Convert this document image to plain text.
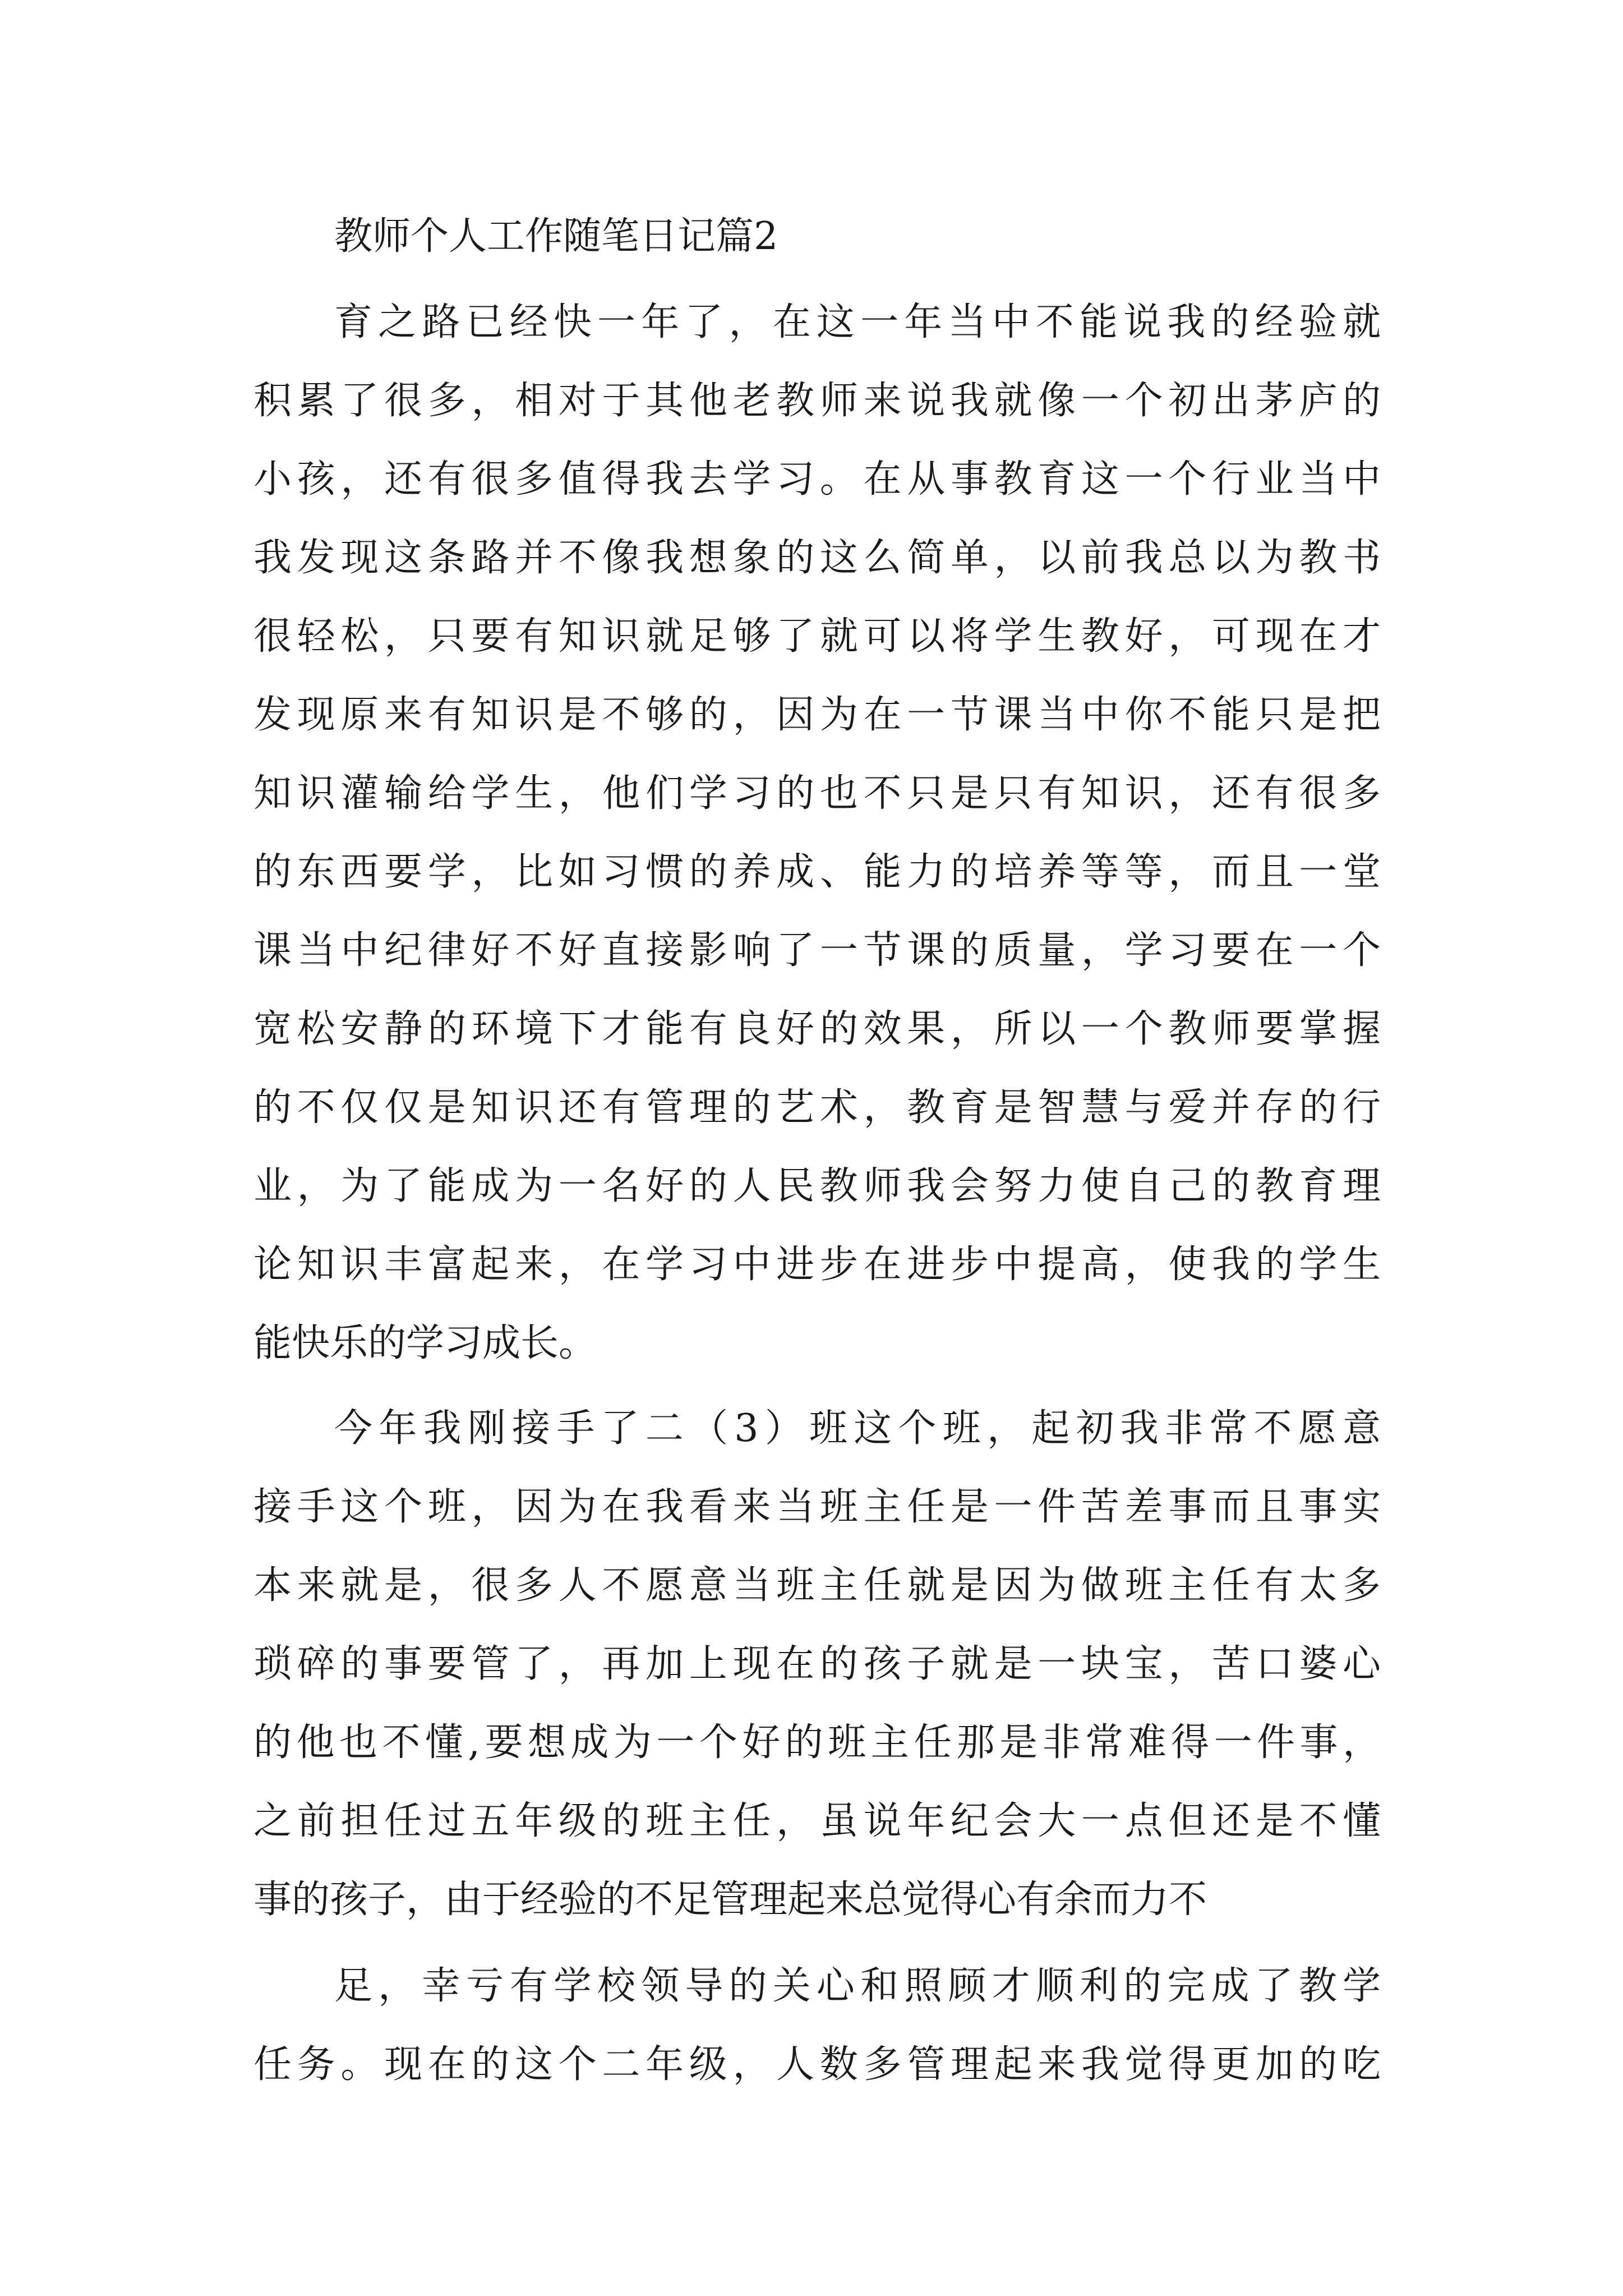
教师个人工作随笔日记篇2

育之路已经快一年了，在这一年当中不能说我的经验就

积累了很多，相对于其他老教师来说我就像一个初出茅庐的

小孩，还有很多值得我去学习。在从事教育这一个行业当中

我发现这条路并不像我想象的这么简单，以前我总以为教书

很轻松，只要有知识就足够了就可以将学生教好，可现在才

发现原来有知识是不够的，因为在一节课当中你不能只是把

知识灌输给学生，他们学习的也不只是只有知识，还有很多

的东西要学，比如习惯的养成、能力的培养等等，而且一堂

课当中纪律好不好直接影响了一节课的质量，学习要在一个

宽松安静的环境下才能有良好的效果，所以一个教师要掌握

的不仅仅是知识还有管理的艺术，教育是智慧与爱并存的行

业，为了能成为一名好的人民教师我会努力使自己的教育理

论知识丰富起来，在学习中进步在进步中提高，使我的学生

能快乐的学习成长。

今年我刚接手了二（3）班这个班，起初我非常不愿意

接手这个班，因为在我看来当班主任是一件苦差事而且事实

本来就是，很多人不愿意当班主任就是因为做班主任有太多

琐碎的事要管了，再加上现在的孩子就是一块宝，苦口婆心

的他也不懂,要想成为一个好的班主任那是非常难得一件事，

之前担任过五年级的班主任，虽说年纪会大一点但还是不懂

事的孩子，由于经验的不足管理起来总觉得心有余而力不

足，幸亏有学校领导的关心和照顾才顺利的完成了教学

任务。现在的这个二年级，人数多管理起来我觉得更加的吃
